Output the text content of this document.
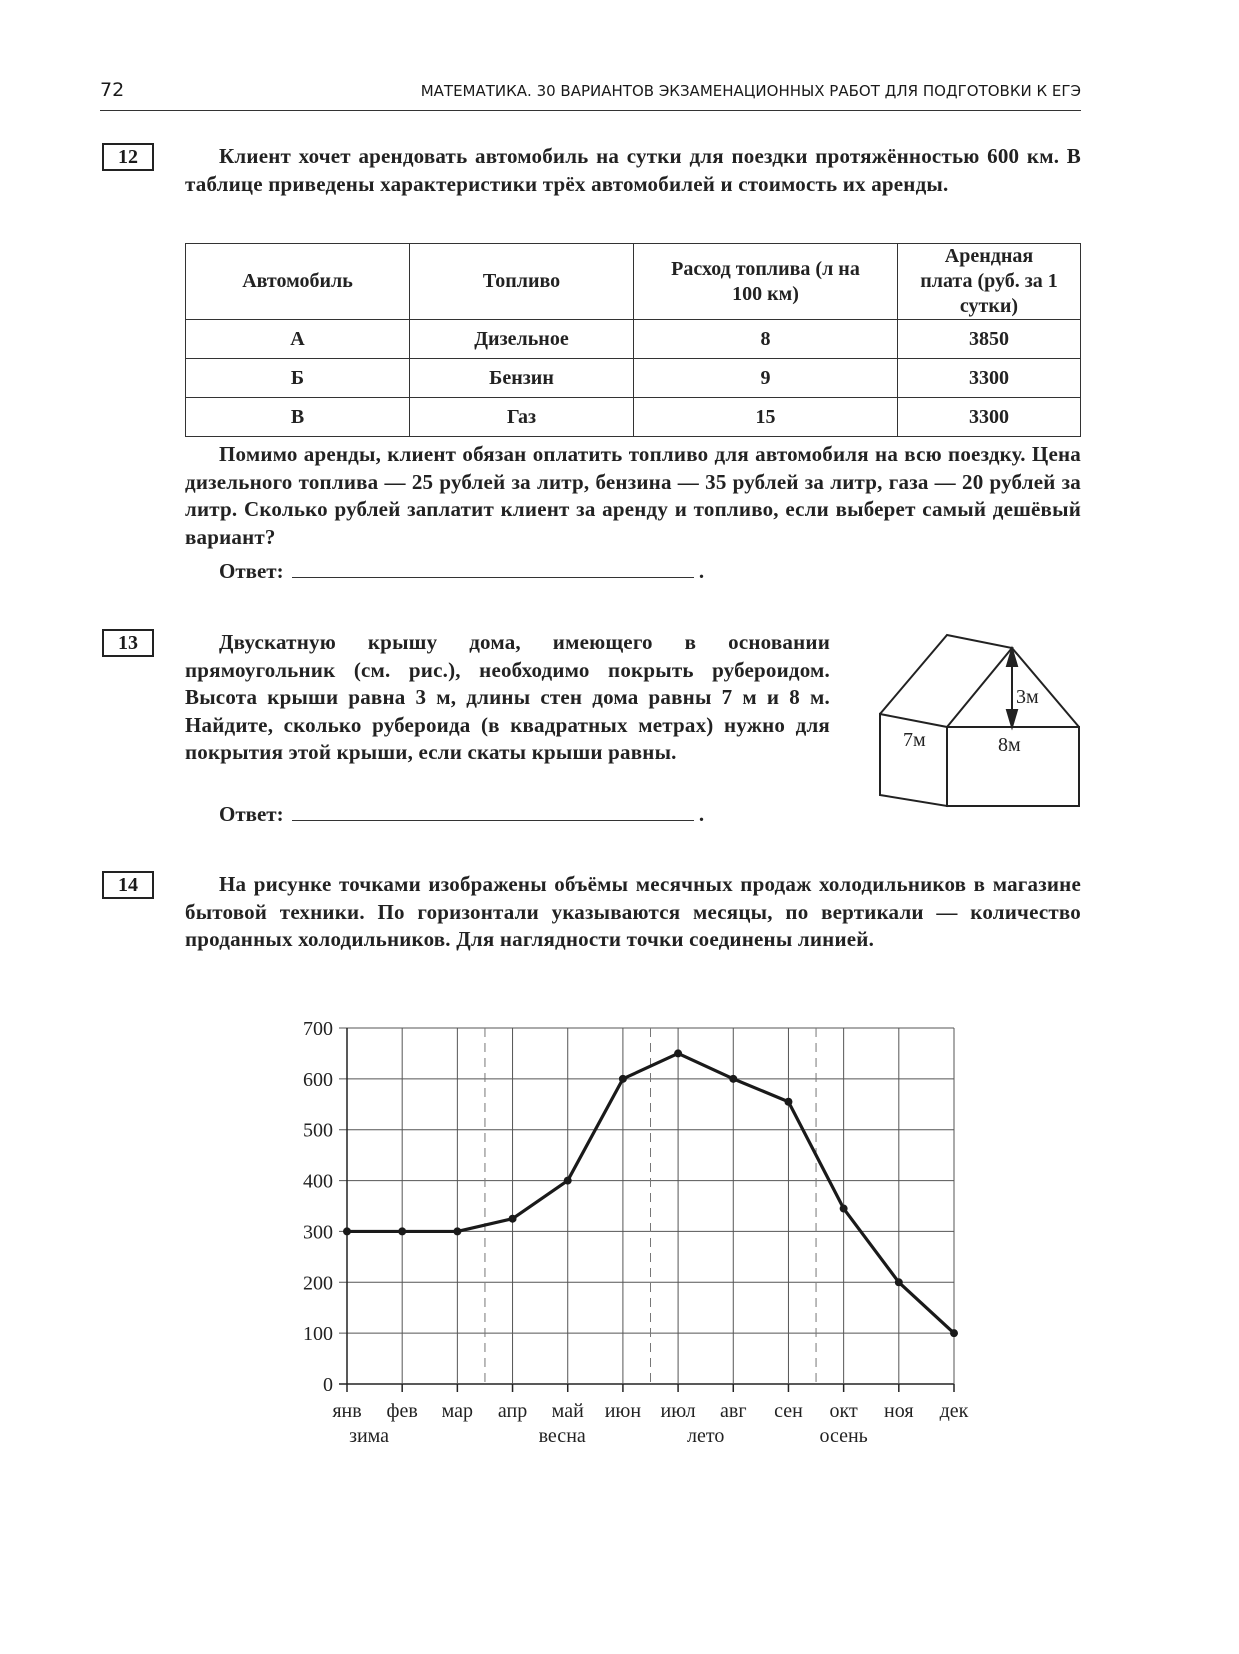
72	МАТЕМАТИКА. 30 ВАРИАНТОВ ЭКЗАМЕНАЦИОННЫХ РАБОТ ДЛЯ ПОДГОТОВКИ К ЕГЭ
12	Клиент хочет арендовать автомобиль на сутки для поездки протяжённостью 600 км. В таблице приведены характеристики трёх автомобилей и стоимость их аренды.
Автомобиль	Топливо	Расход топлива (л на 100 км)	Арендная плата (руб. за 1 сутки)
А	Дизельное	8	3850
Б	Бензин	9	3300
В	Газ	15	3300
Помимо аренды, клиент обязан оплатить топливо для автомобиля на всю поездку. Цена дизельного топлива — 25 рублей за литр, бензина — 35 рублей за литр, газа — 20 рублей за литр. Сколько рублей заплатит клиент за аренду и топливо, если выберет самый дешёвый вариант?
Ответ:	.
13	Двускатную крышу дома, имеющего в основании прямоугольник (см. рис.), необходимо покрыть рубероидом. Высота крыши равна 3 м, длины стен дома равны 7 м и 8 м. Найдите, сколько рубероида (в квадратных метрах) нужно для покрытия этой крыши, если скаты крыши равны.
Ответ:	.
3м
7м	8м
14	На рисунке точками изображены объёмы месячных продаж холодильников в магазине бытовой техники. По горизонтали указываются месяцы, по вертикали — количество проданных холодильников. Для наглядности точки соединены линией.
0
100
200
300
400
500
600
700
янв фев мар апр май июн июл авг сен окт ноя дек
зима	весна	лето	осень
